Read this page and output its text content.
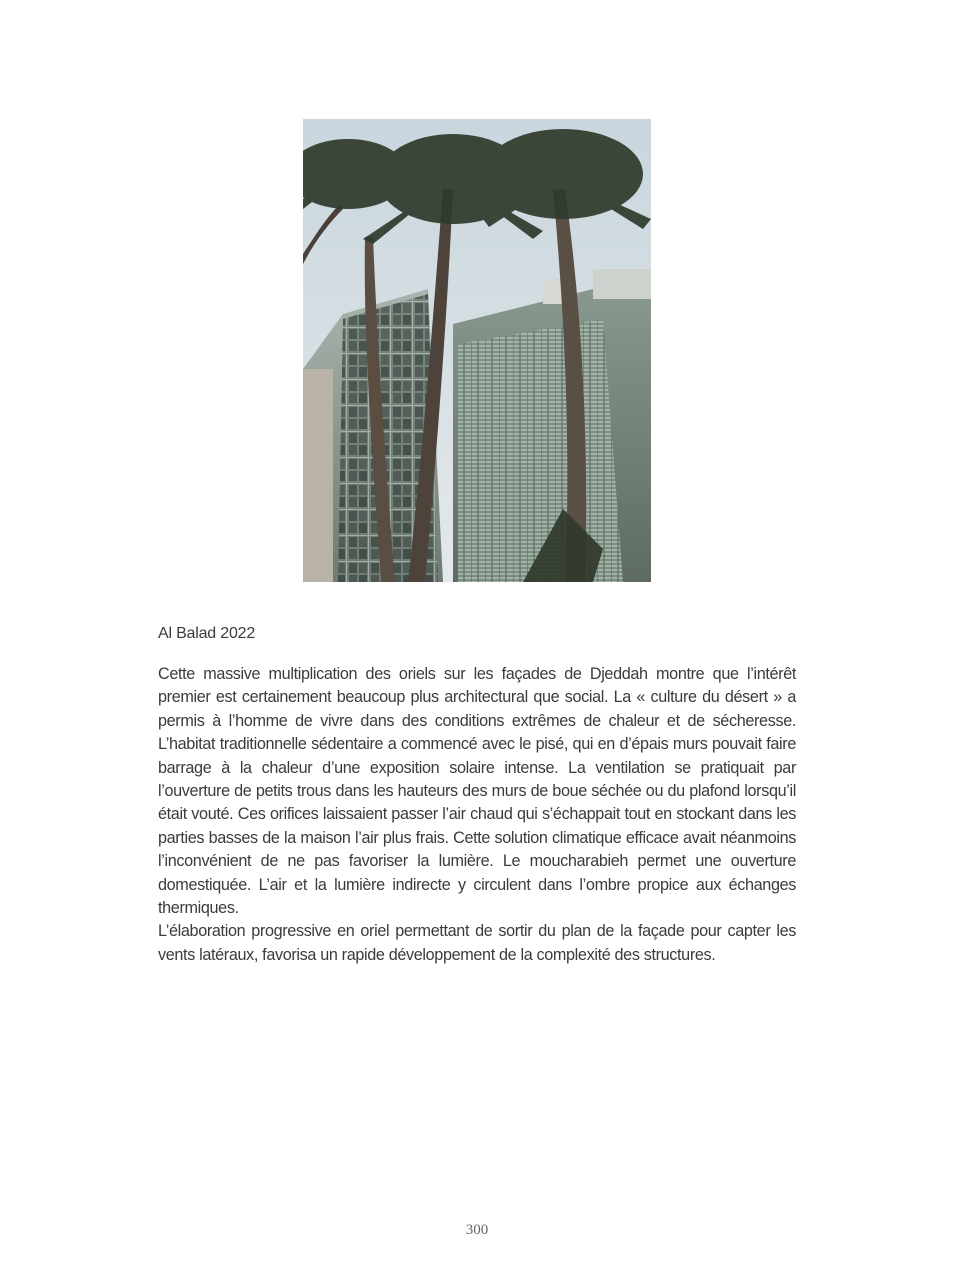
Al Balad 2022

Cette massive multiplication des oriels sur les façades de Djeddah montre que l’intérêt premier est certainement beaucoup plus architectural que social. La « culture du désert » a permis à l’homme de vivre dans des conditions extrêmes de chaleur et de sécheresse. L’habitat traditionnelle sédentaire a commencé avec le pisé, qui en d’épais murs pouvait faire barrage à la chaleur d’une exposition solaire intense. La ventilation se pratiquait par l’ouverture de petits trous dans les hauteurs des murs de boue séchée ou du plafond lorsqu’il était vouté. Ces orifices laissaient passer l’air chaud qui s’échappait tout en stockant dans les parties basses de la maison l’air plus frais. Cette solution climatique efficace avait néanmoins l’inconvénient de ne pas favoriser la lumière. Le moucharabieh permet une ouverture domestiquée. L’air et la lumière indirecte y circulent dans l’ombre propice aux échanges thermiques.

L’élaboration progressive en oriel permettant de sortir du plan de la façade pour capter les vents latéraux, favorisa un rapide développement de la complexité des structures.

300
